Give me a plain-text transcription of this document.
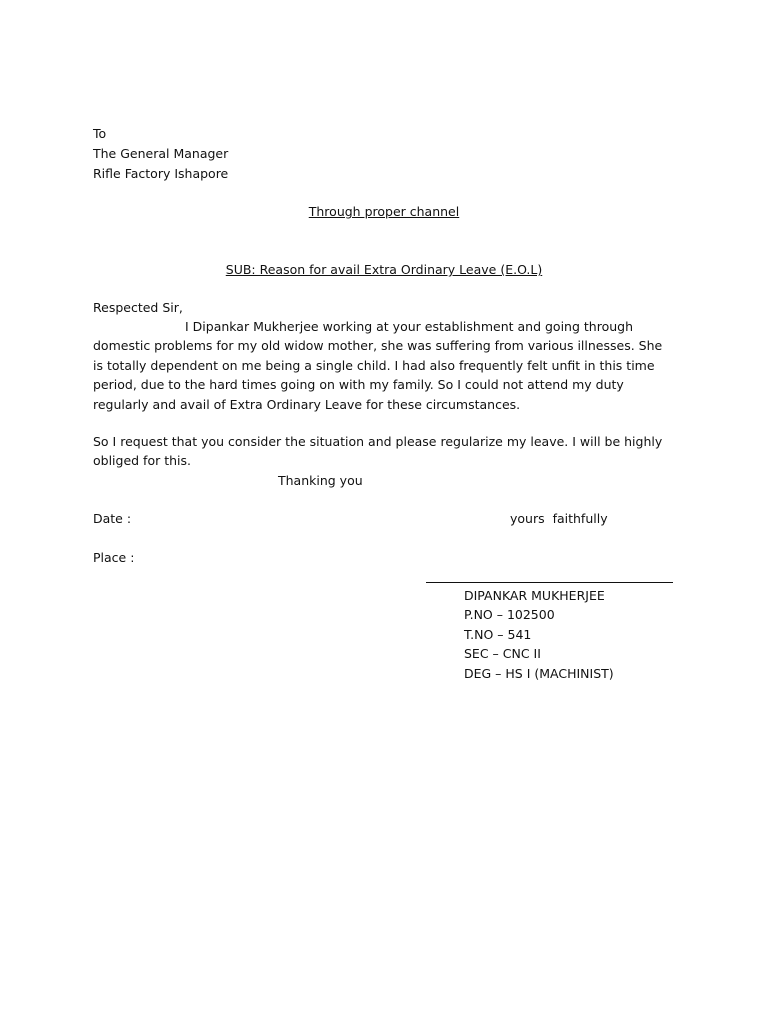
To
The General Manager
Rifle Factory Ishapore
Through proper channel
SUB: Reason for avail Extra Ordinary Leave (E.O.L)
Respected Sir,
I Dipankar Mukherjee working at your establishment and going through
domestic problems for my old widow mother, she was suffering from various illnesses. She
is totally dependent on me being a single child. I had also frequently felt unfit in this time
period, due to the hard times going on with my family. So I could not attend my duty
regularly and avail of Extra Ordinary Leave for these circumstances.
So I request that you consider the situation and please regularize my leave. I will be highly
obliged for this.
Thanking you
Date :	yours  faithfully
Place :
DIPANKAR MUKHERJEE
P.NO – 102500
T.NO – 541
SEC – CNC II
DEG – HS I (MACHINIST)
